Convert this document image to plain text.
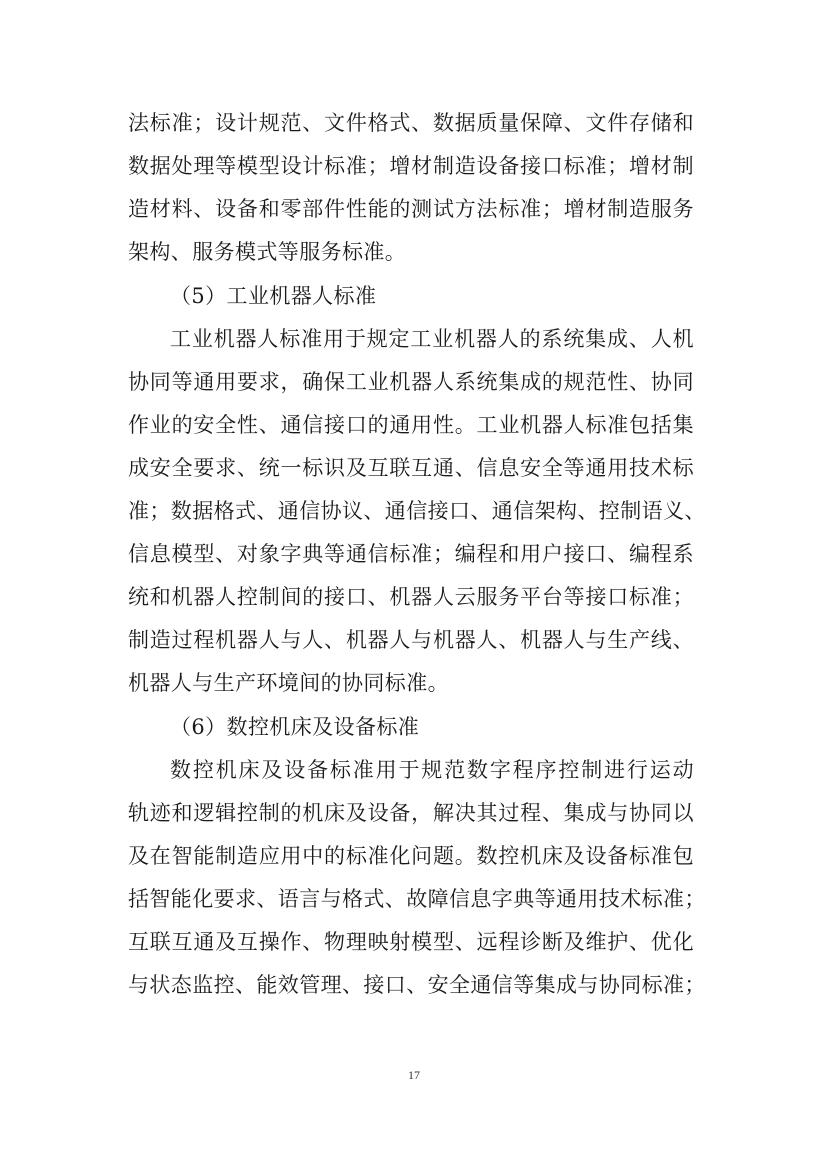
法标准；设计规范、文件格式、数据质量保障、文件存储和
数据处理等模型设计标准；增材制造设备接口标准；增材制
造材料、设备和零部件性能的测试方法标准；增材制造服务
架构、服务模式等服务标准。
（5）工业机器人标准
工业机器人标准用于规定工业机器人的系统集成、人机
协同等通用要求，确保工业机器人系统集成的规范性、协同
作业的安全性、通信接口的通用性。工业机器人标准包括集
成安全要求、统一标识及互联互通、信息安全等通用技术标
准；数据格式、通信协议、通信接口、通信架构、控制语义、
信息模型、对象字典等通信标准；编程和用户接口、编程系
统和机器人控制间的接口、机器人云服务平台等接口标准；
制造过程机器人与人、机器人与机器人、机器人与生产线、
机器人与生产环境间的协同标准。
（6）数控机床及设备标准
数控机床及设备标准用于规范数字程序控制进行运动
轨迹和逻辑控制的机床及设备，解决其过程、集成与协同以
及在智能制造应用中的标准化问题。数控机床及设备标准包
括智能化要求、语言与格式、故障信息字典等通用技术标准；
互联互通及互操作、物理映射模型、远程诊断及维护、优化
与状态监控、能效管理、接口、安全通信等集成与协同标准；
17
